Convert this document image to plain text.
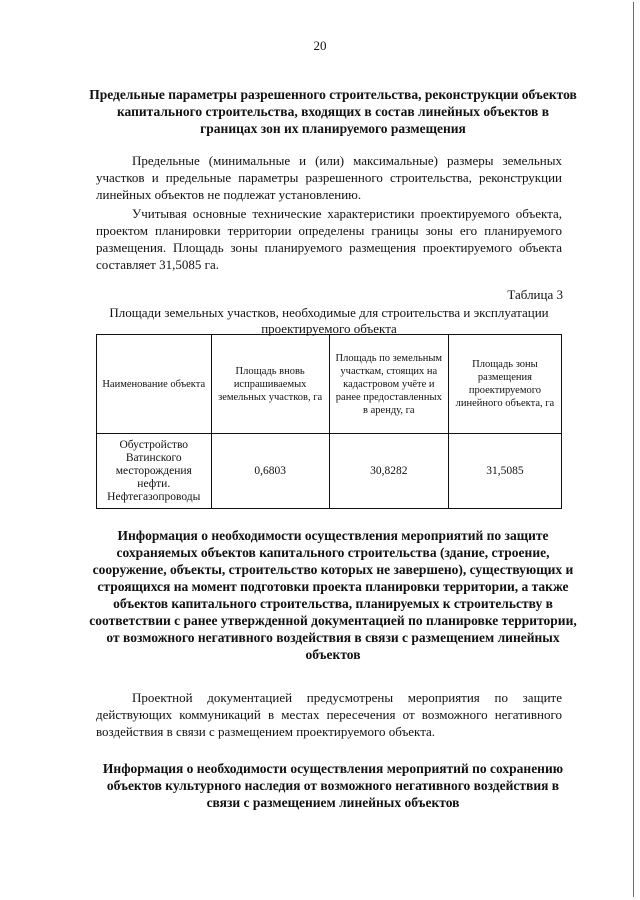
20
Предельные параметры разрешенного строительства, реконструкции объектов капитального строительства, входящих в состав линейных объектов в границах зон их планируемого размещения
Предельные (минимальные и (или) максимальные) размеры земельных участков и предельные параметры разрешенного строительства, реконструкции линейных объектов не подлежат установлению.
Учитывая основные технические характеристики проектируемого объекта, проектом планировки территории определены границы зоны его планируемого размещения. Площадь зоны планируемого размещения проектируемого объекта составляет 31,5085 га.
Таблица 3
Площади земельных участков, необходимые для строительства и эксплуатации проектируемого объекта
Наименование объекта	Площадь вновь испрашиваемых земельных участков, га	Площадь по земельным участкам, стоящих на кадастровом учёте и ранее предоставленных в аренду, га	Площадь зоны размещения проектируемого линейного объекта, га
Обустройство Ватинского месторождения нефти. Нефтегазопроводы	0,6803	30,8282	31,5085
Информация о необходимости осуществления мероприятий по защите сохраняемых объектов капитального строительства (здание, строение, сооружение, объекты, строительство которых не завершено), существующих и строящихся на момент подготовки проекта планировки территории, а также объектов капитального строительства, планируемых к строительству в соответствии с ранее утвержденной документацией по планировке территории, от возможного негативного воздействия в связи с размещением линейных объектов
Проектной документацией предусмотрены мероприятия по защите действующих коммуникаций в местах пересечения от возможного негативного воздействия в связи с размещением проектируемого объекта.
Информация о необходимости осуществления мероприятий по сохранению объектов культурного наследия от возможного негативного воздействия в связи с размещением линейных объектов
